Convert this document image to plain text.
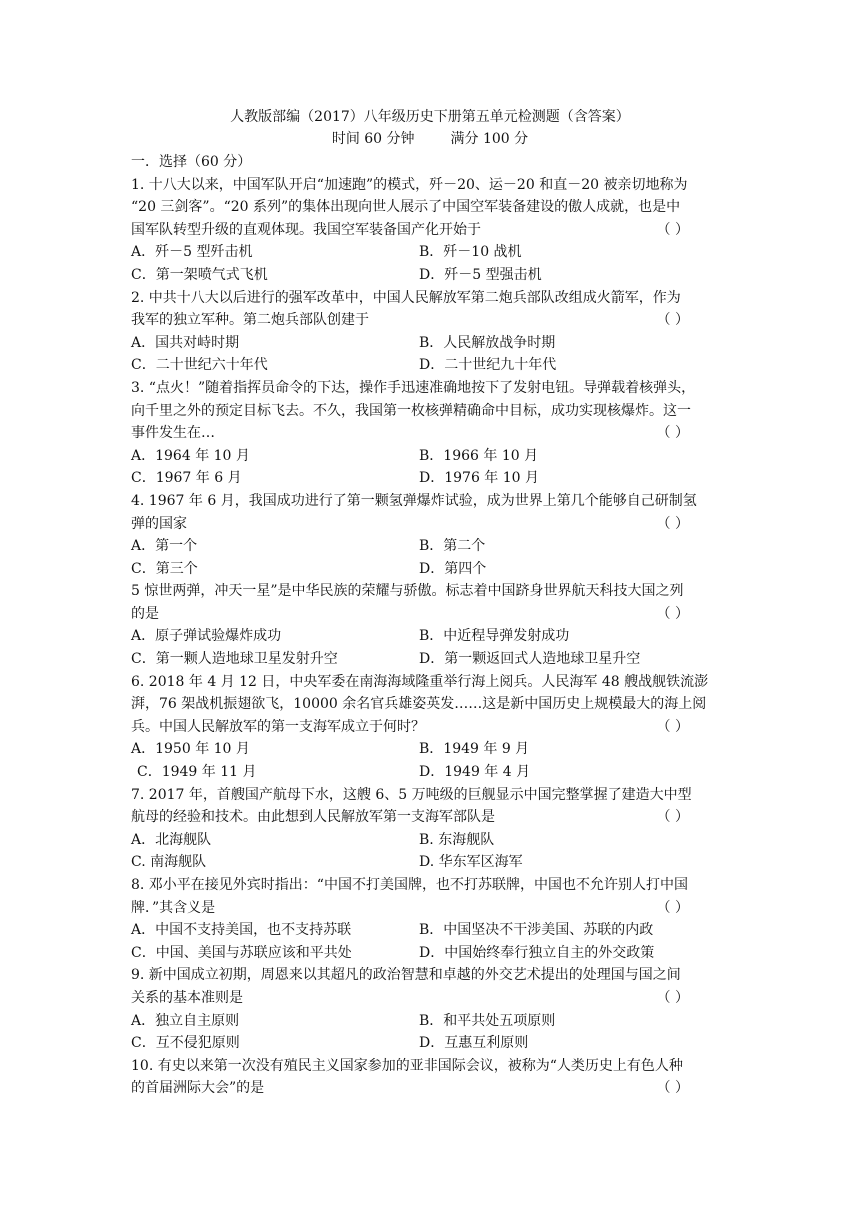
人教版部编（2017）八年级历史下册第五单元检测题（含答案）
时间 60 分钟	满分 100 分
一．选择（60 分）
1. 十八大以来，中国军队开启“加速跑”的模式，歼－20、运－20 和直－20 被亲切地称为
“20 三剑客”。“20 系列”的集体出现向世人展示了中国空军装备建设的傲人成就，也是中
国军队转型升级的直观体现。我国空军装备国产化开始于	（ ）
A．歼－5 型歼击机	B．歼－10 战机
C．第一架喷气式飞机	D．歼－5 型强击机
2. 中共十八大以后进行的强军改革中，中国人民解放军第二炮兵部队改组成火箭军，作为
我军的独立军种。第二炮兵部队创建于	（ ）
A．国共对峙时期	B．人民解放战争时期
C．二十世纪六十年代	D．二十世纪九十年代
3. “点火！”随着指挥员命令的下达，操作手迅速准确地按下了发射电钮。导弹载着核弹头，
向千里之外的预定目标飞去。不久，我国第一枚核弹精确命中目标，成功实现核爆炸。这一
事件发生在…	（ ）
A．1964 年 10 月	B．1966 年 10 月
C．1967 年 6 月	D．1976 年 10 月
4. 1967 年 6 月，我国成功进行了第一颗氢弹爆炸试验，成为世界上第几个能够自己研制氢
弹的国家	（ ）
A．第一个	B．第二个
C．第三个	D．第四个
5 惊世两弹，冲天一星”是中华民族的荣耀与骄傲。标志着中国跻身世界航天科技大国之列
的是	（ ）
A．原子弹试验爆炸成功	B．中近程导弹发射成功
C．第一颗人造地球卫星发射升空	D．第一颗返回式人造地球卫星升空
6. 2018 年 4 月 12 日，中央军委在南海海域隆重举行海上阅兵。人民海军 48 艘战舰铁流澎
湃，76 架战机振翅欲飞，10000 余名官兵雄姿英发……这是新中国历史上规模最大的海上阅
兵。中国人民解放军的第一支海军成立于何时？	（ ）
A．1950 年 10 月	B．1949 年 9 月
C．1949 年 11 月	D．1949 年 4 月
7. 2017 年，首艘国产航母下水，这艘 6、5 万吨级的巨舰显示中国完整掌握了建造大中型
航母的经验和技术。由此想到人民解放军第一支海军部队是	（ ）
A．北海舰队	B. 东海舰队
C. 南海舰队	D. 华东军区海军
8. 邓小平在接见外宾时指出：“中国不打美国牌，也不打苏联牌，中国也不允许别人打中国
牌．”其含义是	（ ）
A．中国不支持美国，也不支持苏联	B．中国坚决不干涉美国、苏联的内政
C．中国、美国与苏联应该和平共处	D．中国始终奉行独立自主的外交政策
9. 新中国成立初期，周恩来以其超凡的政治智慧和卓越的外交艺术提出的处理国与国之间
关系的基本准则是	（ ）
A．独立自主原则	B．和平共处五项原则
C．互不侵犯原则	D．互惠互利原则
10. 有史以来第一次没有殖民主义国家参加的亚非国际会议，被称为“人类历史上有色人种
的首届洲际大会”的是	（ ）
